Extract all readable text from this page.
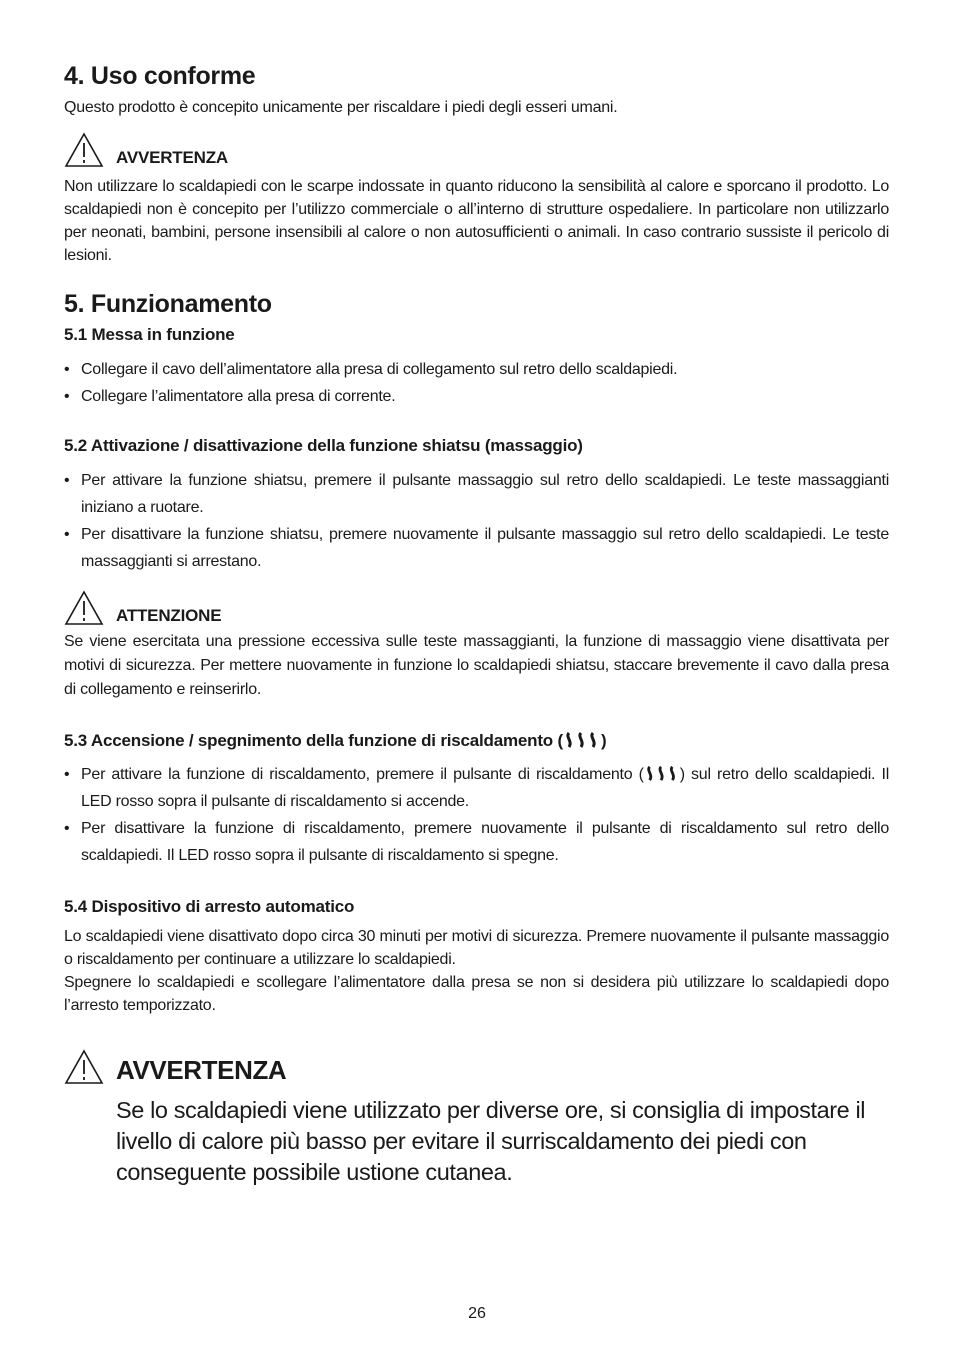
4. Uso conforme

Questo prodotto è concepito unicamente per riscaldare i piedi degli esseri umani.

AVVERTENZA

Non utilizzare lo scaldapiedi con le scarpe indossate in quanto riducono la sensibilità al calore e sporcano il prodotto. Lo scaldapiedi non è concepito per l’utilizzo commerciale o all’interno di strutture ospedaliere. In particolare non utilizzarlo per neonati, bambini, persone insensibili al calore o non autosufficienti o animali. In caso contrario sussiste il pericolo di lesioni.

5. Funzionamento
5.1 Messa in funzione
• Collegare il cavo dell’alimentatore alla presa di collegamento sul retro dello scaldapiedi.
• Collegare l’alimentatore alla presa di corrente.
5.2 Attivazione / disattivazione della funzione shiatsu (massaggio)
• Per attivare la funzione shiatsu, premere il pulsante massaggio sul retro dello scaldapiedi. Le teste massaggianti iniziano a ruotare.
• Per disattivare la funzione shiatsu, premere nuovamente il pulsante massaggio sul retro dello scaldapiedi. Le teste massaggianti si arrestano.
ATTENZIONE

Se viene esercitata una pressione eccessiva sulle teste massaggianti, la funzione di massaggio viene disattivata per motivi di sicurezza. Per mettere nuovamente in funzione lo scaldapiedi shiatsu, staccare brevemente il cavo dalla presa di collegamento e reinserirlo.

5.3 Accensione / spegnimento della funzione di riscaldamento ( )
• Per attivare la funzione di riscaldamento, premere il pulsante di riscaldamento ( ) sul retro dello scaldapiedi. Il LED rosso sopra il pulsante di riscaldamento si accende.
• Per disattivare la funzione di riscaldamento, premere nuovamente il pulsante di riscaldamento sul retro dello scaldapiedi. Il LED rosso sopra il pulsante di riscaldamento si spegne.
5.4 Dispositivo di arresto automatico

Lo scaldapiedi viene disattivato dopo circa 30 minuti per motivi di sicurezza. Premere nuovamente il pulsante massaggio o riscaldamento per continuare a utilizzare lo scaldapiedi.

Spegnere lo scaldapiedi e scollegare l’alimentatore dalla presa se non si desidera più utilizzare lo scaldapiedi dopo l’arresto temporizzato.

AVVERTENZA

Se lo scaldapiedi viene utilizzato per diverse ore, si consiglia di impostare il livello di calore più basso per evitare il surriscaldamento dei piedi con conseguente possibile ustione cutanea.

26
